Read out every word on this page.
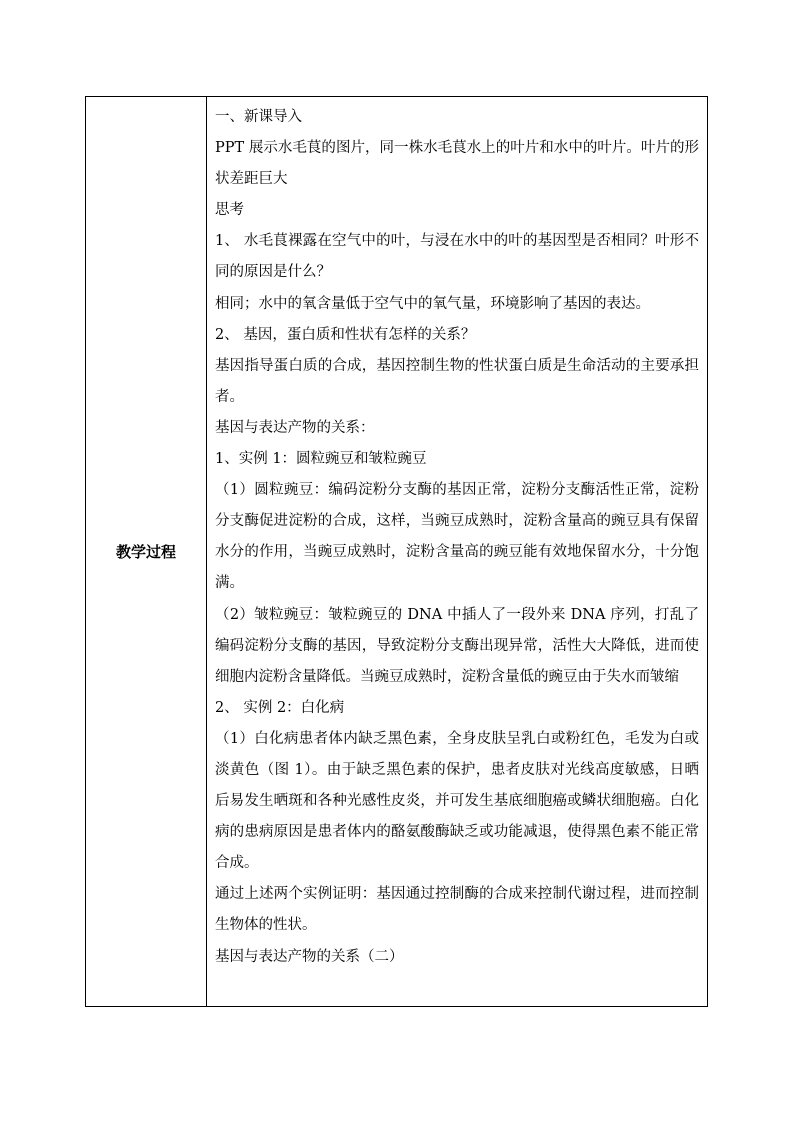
教学过程

一、新课导入

PPT 展示水毛茛的图片，同一株水毛茛水上的叶片和水中的叶片。叶片的形状差距巨大

思考

1、 水毛茛裸露在空气中的叶，与浸在水中的叶的基因型是否相同？叶形不同的原因是什么？

相同；水中的氧含量低于空气中的氧气量，环境影响了基因的表达。

2、 基因，蛋白质和性状有怎样的关系？

基因指导蛋白质的合成，基因控制生物的性状蛋白质是生命活动的主要承担者。

基因与表达产物的关系：

1、实例 1：圆粒豌豆和皱粒豌豆

（1）圆粒豌豆：编码淀粉分支酶的基因正常，淀粉分支酶活性正常，淀粉分支酶促进淀粉的合成，这样，当豌豆成熟时，淀粉含量高的豌豆具有保留水分的作用，当豌豆成熟时，淀粉含量高的豌豆能有效地保留水分，十分饱满。

（2）皱粒豌豆：皱粒豌豆的 DNA 中插人了一段外来 DNA 序列，打乱了编码淀粉分支酶的基因，导致淀粉分支酶出现异常，活性大大降低，进而使细胞内淀粉含量降低。当豌豆成熟时，淀粉含量低的豌豆由于失水而皱缩

2、 实例 2：白化病

（1）白化病患者体内缺乏黑色素，全身皮肤呈乳白或粉红色，毛发为白或淡黄色（图 1）。由于缺乏黑色素的保护，患者皮肤对光线高度敏感，日晒后易发生晒斑和各种光感性皮炎，并可发生基底细胞癌或鳞状细胞癌。白化病的患病原因是患者体内的酪氨酸酶缺乏或功能减退，使得黑色素不能正常合成。

通过上述两个实例证明：基因通过控制酶的合成来控制代谢过程，进而控制生物体的性状。

基因与表达产物的关系（二）
